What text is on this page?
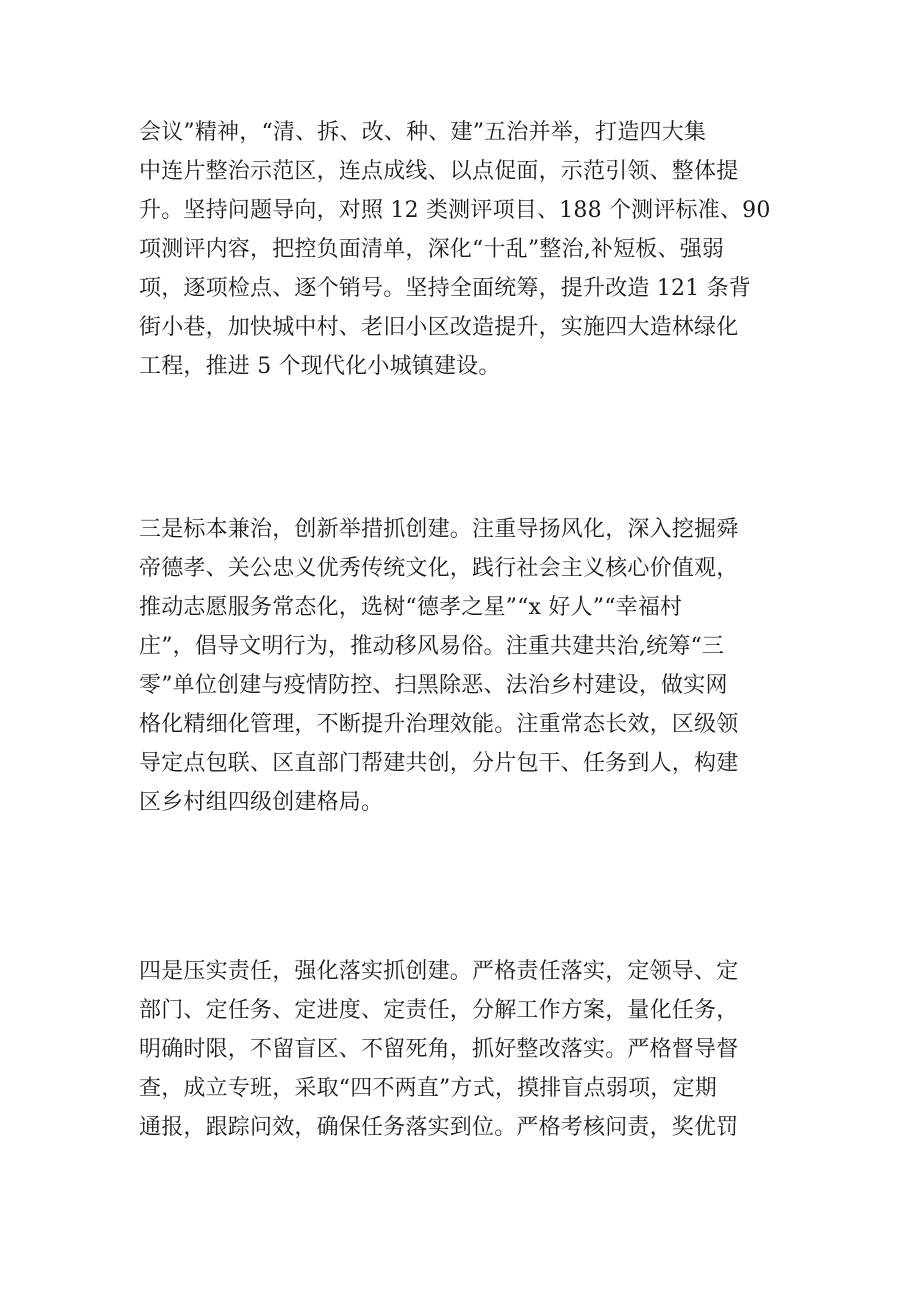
会议”精神，“清、拆、改、种、建”五治并举，打造四大集
中连片整治示范区，连点成线、以点促面，示范引领、整体提
升。坚持问题导向，对照 12 类测评项目、188 个测评标准、90
项测评内容，把控负面清单，深化“十乱”整治,补短板、强弱
项，逐项检点、逐个销号。坚持全面统筹，提升改造 121 条背
街小巷，加快城中村、老旧小区改造提升，实施四大造林绿化
工程，推进 5 个现代化小城镇建设。
三是标本兼治，创新举措抓创建。注重导扬风化，深入挖掘舜
帝德孝、关公忠义优秀传统文化，践行社会主义核心价值观，
推动志愿服务常态化，选树“德孝之星”“x 好人”“幸福村
庄”，倡导文明行为，推动移风易俗。注重共建共治,统筹“三
零”单位创建与疫情防控、扫黑除恶、法治乡村建设，做实网
格化精细化管理，不断提升治理效能。注重常态长效，区级领
导定点包联、区直部门帮建共创，分片包干、任务到人，构建
区乡村组四级创建格局。
四是压实责任，强化落实抓创建。严格责任落实，定领导、定
部门、定任务、定进度、定责任，分解工作方案，量化任务，
明确时限，不留盲区、不留死角，抓好整改落实。严格督导督
查，成立专班，采取“四不两直”方式，摸排盲点弱项，定期
通报，跟踪问效，确保任务落实到位。严格考核问责，奖优罚
